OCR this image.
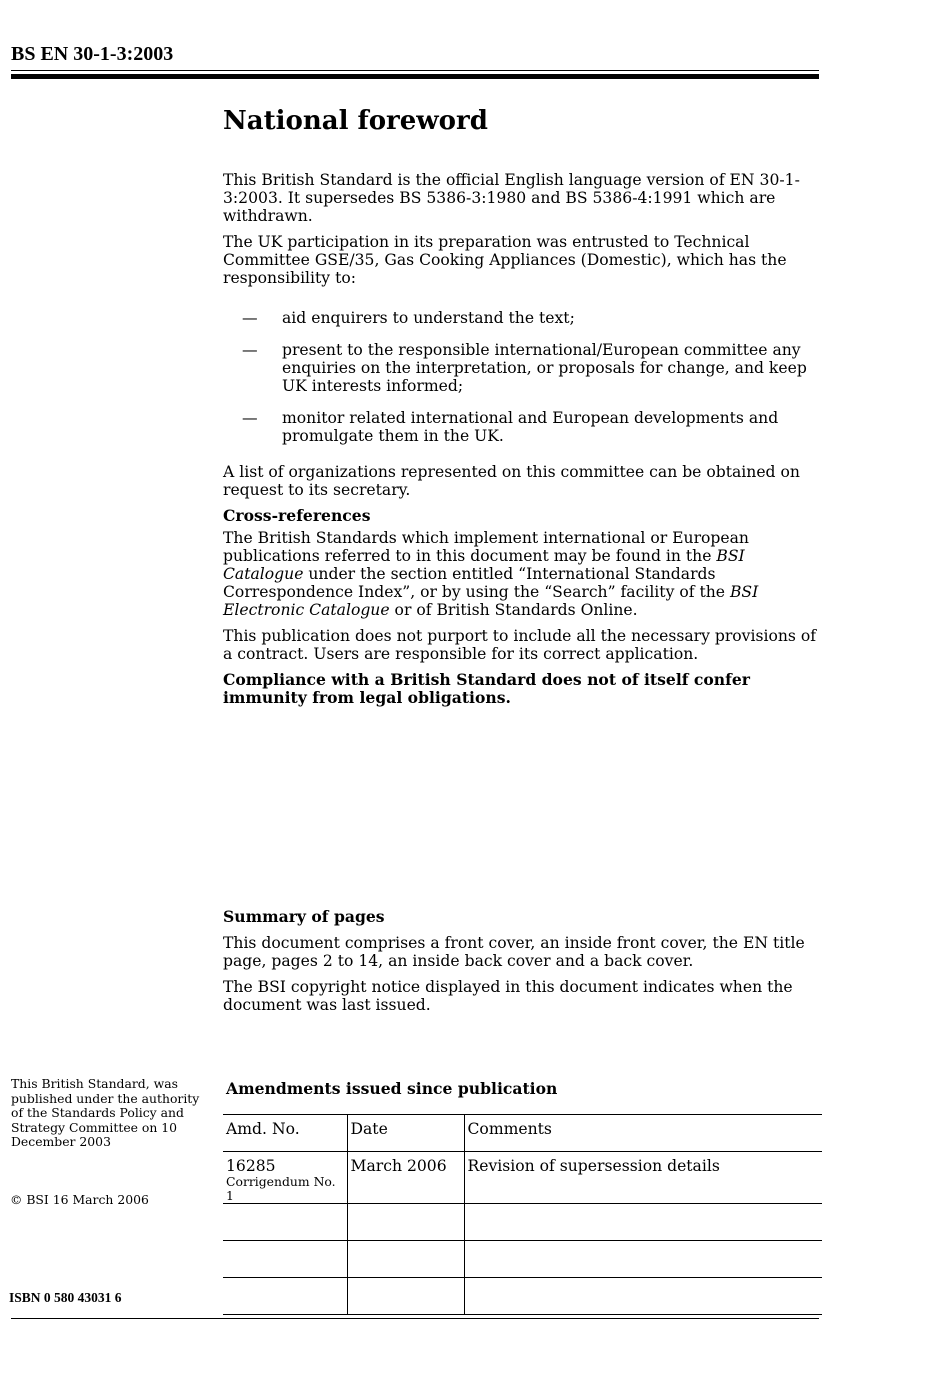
BS EN 30-1-3:2003

National foreword

This British Standard is the official English language version of EN 30-1-3:2003. It supersedes BS 5386-3:1980 and BS 5386-4:1991 which are withdrawn.

The UK participation in its preparation was entrusted to Technical Committee GSE/35, Gas Cooking Appliances (Domestic), which has the responsibility to:

— aid enquirers to understand the text;
— present to the responsible international/European committee any enquiries on the interpretation, or proposals for change, and keep UK interests informed;
— monitor related international and European developments and promulgate them in the UK.

A list of organizations represented on this committee can be obtained on request to its secretary.

Cross-references

The British Standards which implement international or European publications referred to in this document may be found in the BSI Catalogue under the section entitled “International Standards Correspondence Index”, or by using the “Search” facility of the BSI Electronic Catalogue or of British Standards Online.

This publication does not purport to include all the necessary provisions of a contract. Users are responsible for its correct application.

Compliance with a British Standard does not of itself confer immunity from legal obligations.

Summary of pages

This document comprises a front cover, an inside front cover, the EN title page, pages 2 to 14, an inside back cover and a back cover.

The BSI copyright notice displayed in this document indicates when the document was last issued.

This British Standard, was published under the authority of the Standards Policy and Strategy Committee on 10 December 2003

© BSI 16 March 2006

ISBN 0 580 43031 6

Amendments issued since publication

Amd. No.	Date	Comments
16285
Corrigendum No. 1	March 2006	Revision of supersession details
